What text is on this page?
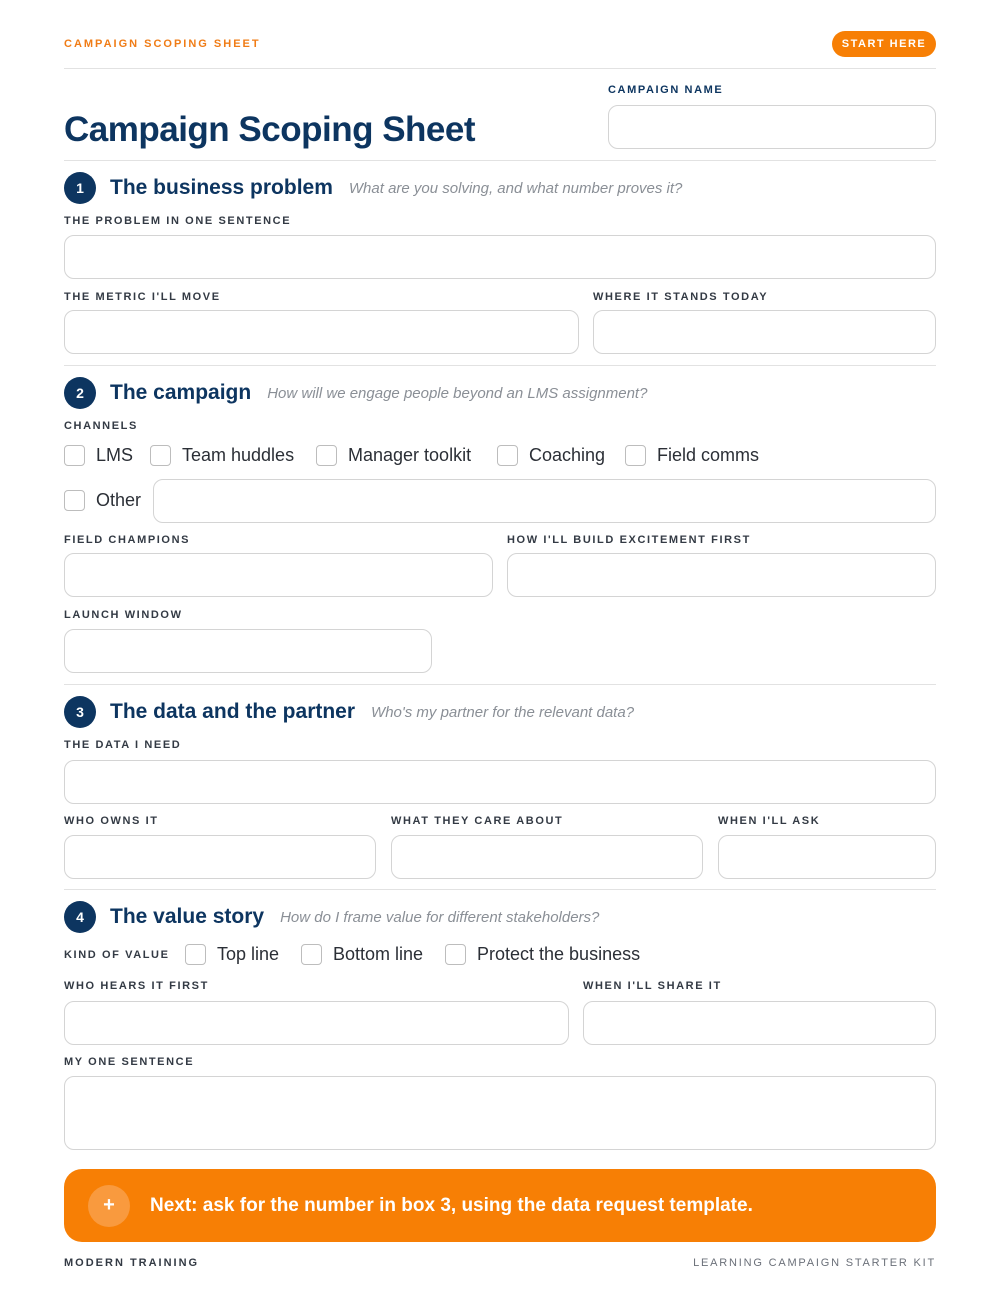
CAMPAIGN SCOPING SHEET	START HERE
Campaign Scoping Sheet
CAMPAIGN NAME
1	The business problem What are you solving, and what number proves it?
THE PROBLEM IN ONE SENTENCE
THE METRIC I'LL MOVE	WHERE IT STANDS TODAY
2	The campaign How will we engage people beyond an LMS assignment?
CHANNELS
LMS	Team huddles	Manager toolkit	Coaching	Field comms
Other
FIELD CHAMPIONS	HOW I'LL BUILD EXCITEMENT FIRST
LAUNCH WINDOW
3	The data and the partner Who's my partner for the relevant data?
THE DATA I NEED
WHO OWNS IT	WHAT THEY CARE ABOUT	WHEN I'LL ASK
4	The value story How do I frame value for different stakeholders?
KIND OF VALUE	Top line	Bottom line	Protect the business
WHO HEARS IT FIRST	WHEN I'LL SHARE IT
MY ONE SENTENCE
+	Next: ask for the number in box 3, using the data request template.
MODERN TRAINING	LEARNING CAMPAIGN STARTER KIT
